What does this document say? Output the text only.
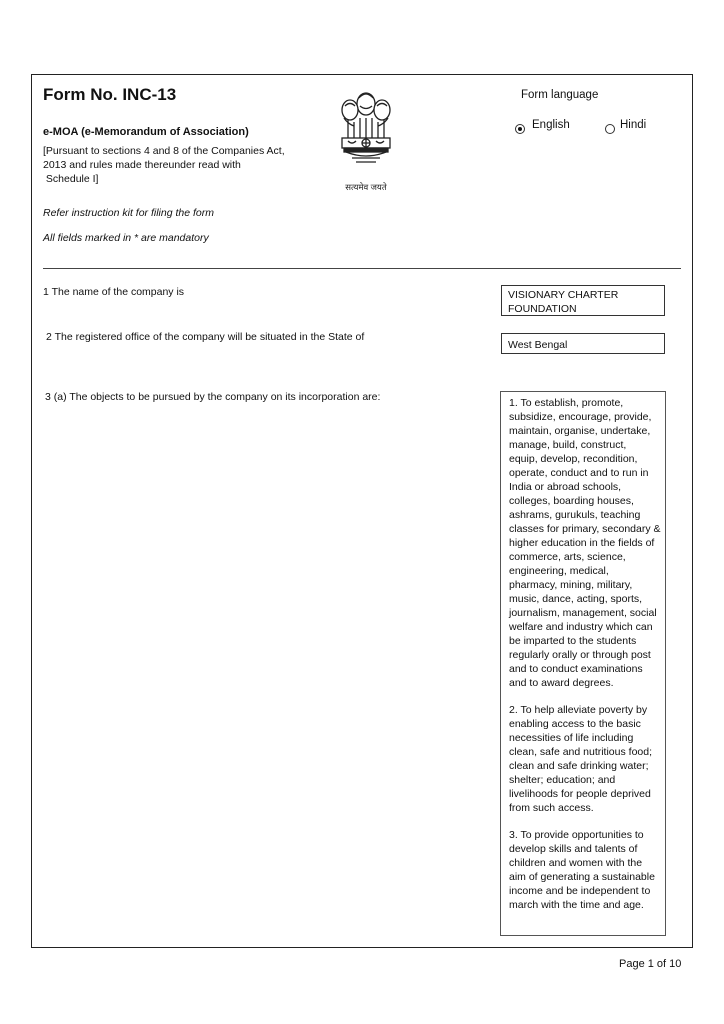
Form No. INC-13
e-MOA (e-Memorandum of Association)
[Pursuant to sections 4 and 8 of the Companies Act,
2013 and rules made thereunder read with
Schedule I]
सत्यमेव जयते
Form language
English	Hindi
Refer instruction kit for filing the form
All fields marked in * are mandatory
1 The name of the company is	VISIONARY CHARTER
FOUNDATION
2 The registered office of the company will be situated in the State of
West Bengal
3 (a) The objects to be pursued by the company on its incorporation are:	1. To establish, promote,
subsidize, encourage, provide,
maintain, organise, undertake,
manage, build, construct,
equip, develop, recondition,
operate, conduct and to run in
India or abroad schools,
colleges, boarding houses,
ashrams, gurukuls, teaching
classes for primary, secondary &
higher education in the fields of
commerce, arts, science,
engineering, medical,
pharmacy, mining, military,
music, dance, acting, sports,
journalism, management, social
welfare and industry which can
be imparted to the students
regularly orally or through post
and to conduct examinations
and to award degrees.
2. To help alleviate poverty by
enabling access to the basic
necessities of life including
clean, safe and nutritious food;
clean and safe drinking water;
shelter; education; and
livelihoods for people deprived
from such access.
3. To provide opportunities to
develop skills and talents of
children and women with the
aim of generating a sustainable
income and be independent to
march with the time and age.
Page 1 of 10
